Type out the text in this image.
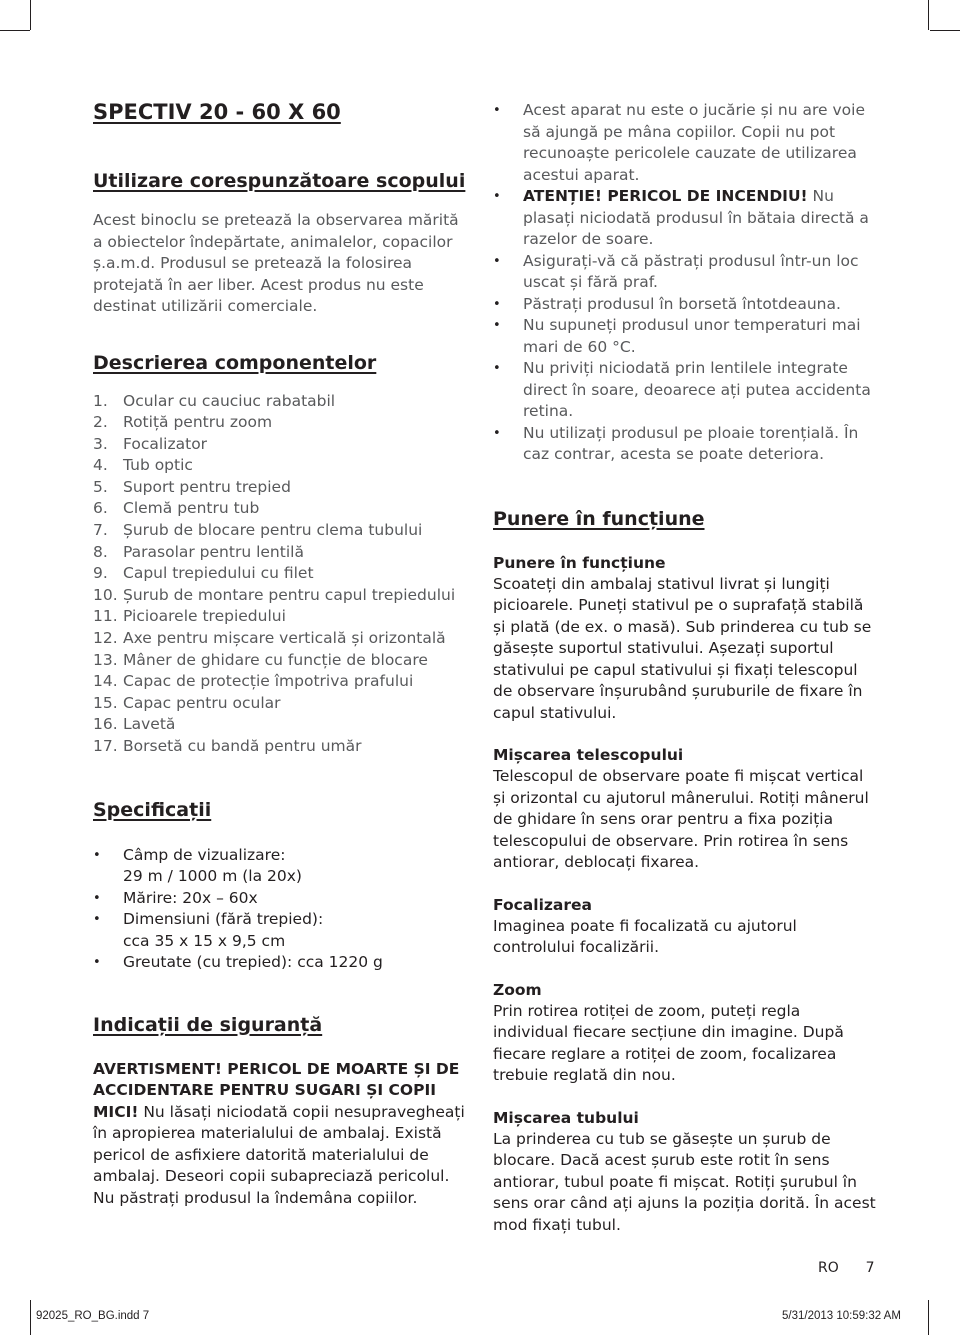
SPECTIV 20 - 60 X 60
Utilizare corespunzătoare scopului

Acest binoclu se pretează la observarea mărită a obiectelor îndepărtate, animalelor, copacilor ș.a.m.d. Produsul se pretează la folosirea protejată în aer liber. Acest produs nu este destinat utilizării comerciale.

Descrierea componentelor
1. Ocular cu cauciuc rabatabil
2. Rotiță pentru zoom
3. Focalizator
4. Tub optic
5. Suport pentru trepied
6. Clemă pentru tub
7. Șurub de blocare pentru clema tubului
8. Parasolar pentru lentilă
9. Capul trepiedului cu filet
10. Șurub de montare pentru capul trepiedului
11. Picioarele trepiedului
12. Axe pentru mișcare verticală și orizontală
13. Mâner de ghidare cu funcție de blocare
14. Capac de protecție împotriva prafului
15. Capac pentru ocular
16. Lavetă
17. Borsetă cu bandă pentru umăr
Specificații
•	Câmp de vizualizare:
29 m / 1000 m (la 20x)
•	Mărire: 20x – 60x
•	Dimensiuni (fără trepied):
cca 35 x 15 x 9,5 cm
•	Greutate (cu trepied): cca 1220 g
Indicații de siguranță

AVERTISMENT! PERICOL DE MOARTE ȘI DE ACCIDENTARE PENTRU SUGARI ȘI COPII MICI! Nu lăsați niciodată copii nesupravegheați în apropierea materialului de ambalaj. Există pericol de asfixiere datorită materialului de ambalaj. Deseori copii subapreciază pericolul. Nu păstrați produsul la îndemâna copiilor.

•	Acest aparat nu este o jucărie și nu are voie să ajungă pe mâna copiilor. Copii nu pot recunoaște pericolele cauzate de utilizarea acestui aparat.
•	ATENȚIE! PERICOL DE INCENDIU! Nu plasați niciodată produsul în bătaia directă a razelor de soare.
•	Asigurați-vă că păstrați produsul într-un loc uscat și fără praf.
•	Păstrați produsul în borsetă întotdeauna.
•	Nu supuneți produsul unor temperaturi mai mari de 60 °C.
•	Nu priviți niciodată prin lentilele integrate direct în soare, deoarece ați putea accidenta retina.
•	Nu utilizați produsul pe ploaie torențială. În caz contrar, acesta se poate deteriora.
Punere în funcțiune
Punere în funcțiune

Scoateți din ambalaj stativul livrat și lungiți picioarele. Puneți stativul pe o suprafață stabilă și plată (de ex. o masă). Sub prinderea cu tub se găsește suportul stativului. Așezați suportul stativului pe capul stativului și fixați telescopul de observare înșurubând șuruburile de fixare în capul stativului.

Mișcarea telescopului

Telescopul de observare poate fi mișcat vertical și orizontal cu ajutorul mânerului. Rotiți mânerul de ghidare în sens orar pentru a fixa poziția telescopului de observare. Prin rotirea în sens antiorar, deblocați fixarea.

Focalizarea

Imaginea poate fi focalizată cu ajutorul controlului focalizării.

Zoom

Prin rotirea rotiței de zoom, puteți regla individual fiecare secțiune din imagine. După fiecare reglare a rotiței de zoom, focalizarea trebuie reglată din nou.

Mișcarea tubului

La prinderea cu tub se găsește un șurub de blocare. Dacă acest șurub este rotit în sens antiorar, tubul poate fi mișcat. Rotiți șurubul în sens orar când ați ajuns la poziția dorită. În acest mod fixați tubul.

RO 7
92025_RO_BG.indd 7	5/31/2013 10:59:32 AM
